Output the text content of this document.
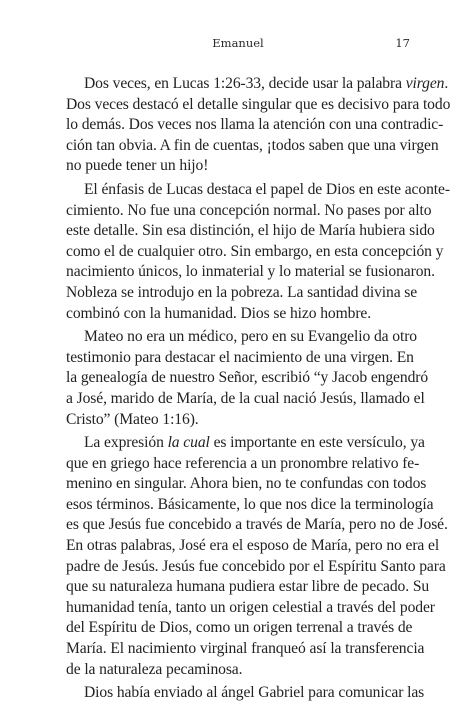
Emanuel	17
Dos veces, en Lucas 1:26-33, decide usar la palabra virgen.
Dos veces destacó el detalle singular que es decisivo para todo
lo demás. Dos veces nos llama la atención con una contradic-
ción tan obvia. A fin de cuentas, ¡todos saben que una virgen
no puede tener un hijo!
El énfasis de Lucas destaca el papel de Dios en este aconte-
cimiento. No fue una concepción normal. No pases por alto
este detalle. Sin esa distinción, el hijo de María hubiera sido
como el de cualquier otro. Sin embargo, en esta concepción y
nacimiento únicos, lo inmaterial y lo material se fusionaron.
Nobleza se introdujo en la pobreza. La santidad divina se
combinó con la humanidad. Dios se hizo hombre.
Mateo no era un médico, pero en su Evangelio da otro
testimonio para destacar el nacimiento de una virgen. En
la genealogía de nuestro Señor, escribió “y Jacob engendró
a José, marido de María, de la cual nació Jesús, llamado el
Cristo” (Mateo 1:16).
La expresión la cual es importante en este versículo, ya
que en griego hace referencia a un pronombre relativo fe-
menino en singular. Ahora bien, no te confundas con todos
esos términos. Básicamente, lo que nos dice la terminología
es que Jesús fue concebido a través de María, pero no de José.
En otras palabras, José era el esposo de María, pero no era el
padre de Jesús. Jesús fue concebido por el Espíritu Santo para
que su naturaleza humana pudiera estar libre de pecado. Su
humanidad tenía, tanto un origen celestial a través del poder
del Espíritu de Dios, como un origen terrenal a través de
María. El nacimiento virginal franqueó así la transferencia
de la naturaleza pecaminosa.
Dios había enviado al ángel Gabriel para comunicar las
